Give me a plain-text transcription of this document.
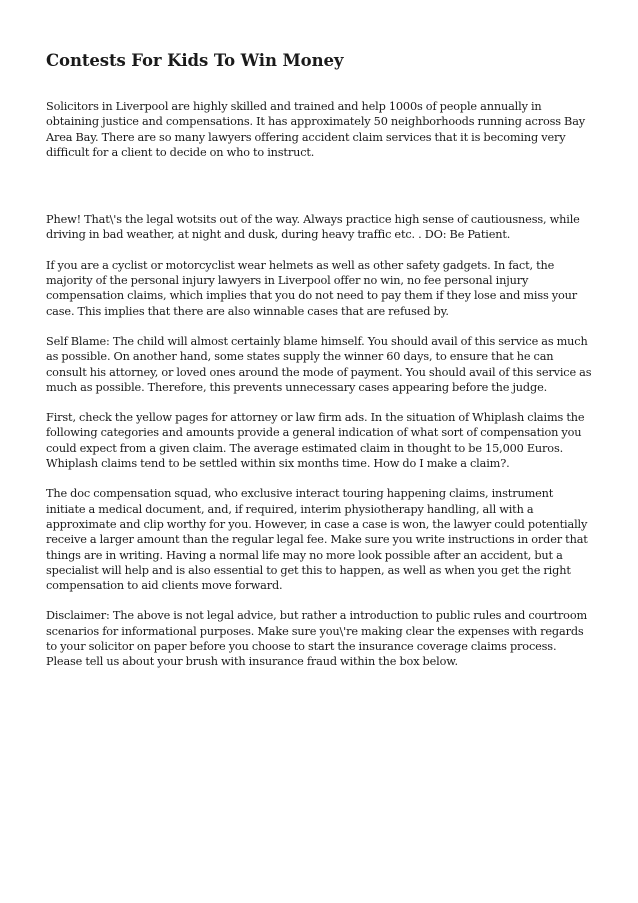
Contests For Kids To Win Money

Solicitors in Liverpool are highly skilled and trained and help 1000s of people annually in obtaining justice and compensations. It has approximately 50 neighborhoods running across Bay Area Bay. There are so many lawyers offering accident claim services that it is becoming very difficult for a client to decide on who to instruct.

Phew! That\'s the legal wotsits out of the way. Always practice high sense of cautiousness, while driving in bad weather, at night and dusk, during heavy traffic etc. . DO: Be Patient.

If you are a cyclist or motorcyclist wear helmets as well as other safety gadgets. In fact, the majority of the personal injury lawyers in Liverpool offer no win, no fee personal injury compensation claims, which implies that you do not need to pay them if they lose and miss your case. This implies that there are also winnable cases that are refused by.

Self Blame: The child will almost certainly blame himself. You should avail of this service as much as possible. On another hand, some states supply the winner 60 days, to ensure that he can consult his attorney, or loved ones around the mode of payment. You should avail of this service as much as possible. Therefore, this prevents unnecessary cases appearing before the judge.

First, check the yellow pages for attorney or law firm ads. In the situation of Whiplash claims the following categories and amounts provide a general indication of what sort of compensation you could expect from a given claim. The average estimated claim in thought to be 15,000 Euros. Whiplash claims tend to be settled within six months time. How do I make a claim?.

The doc compensation squad, who exclusive interact touring happening claims, instrument initiate a medical document, and, if required, interim physiotherapy handling, all with a approximate and clip worthy for you. However, in case a case is won, the lawyer could potentially receive a larger amount than the regular legal fee. Make sure you write instructions in order that things are in writing. Having a normal life may no more look possible after an accident, but a specialist will help and is also essential to get this to happen, as well as when you get the right compensation to aid clients move forward.

Disclaimer: The above is not legal advice, but rather a introduction to public rules and courtroom scenarios for informational purposes. Make sure you\'re making clear the expenses with regards to your solicitor on paper before you choose to start the insurance coverage claims process. Please tell us about your brush with insurance fraud within the box below.
